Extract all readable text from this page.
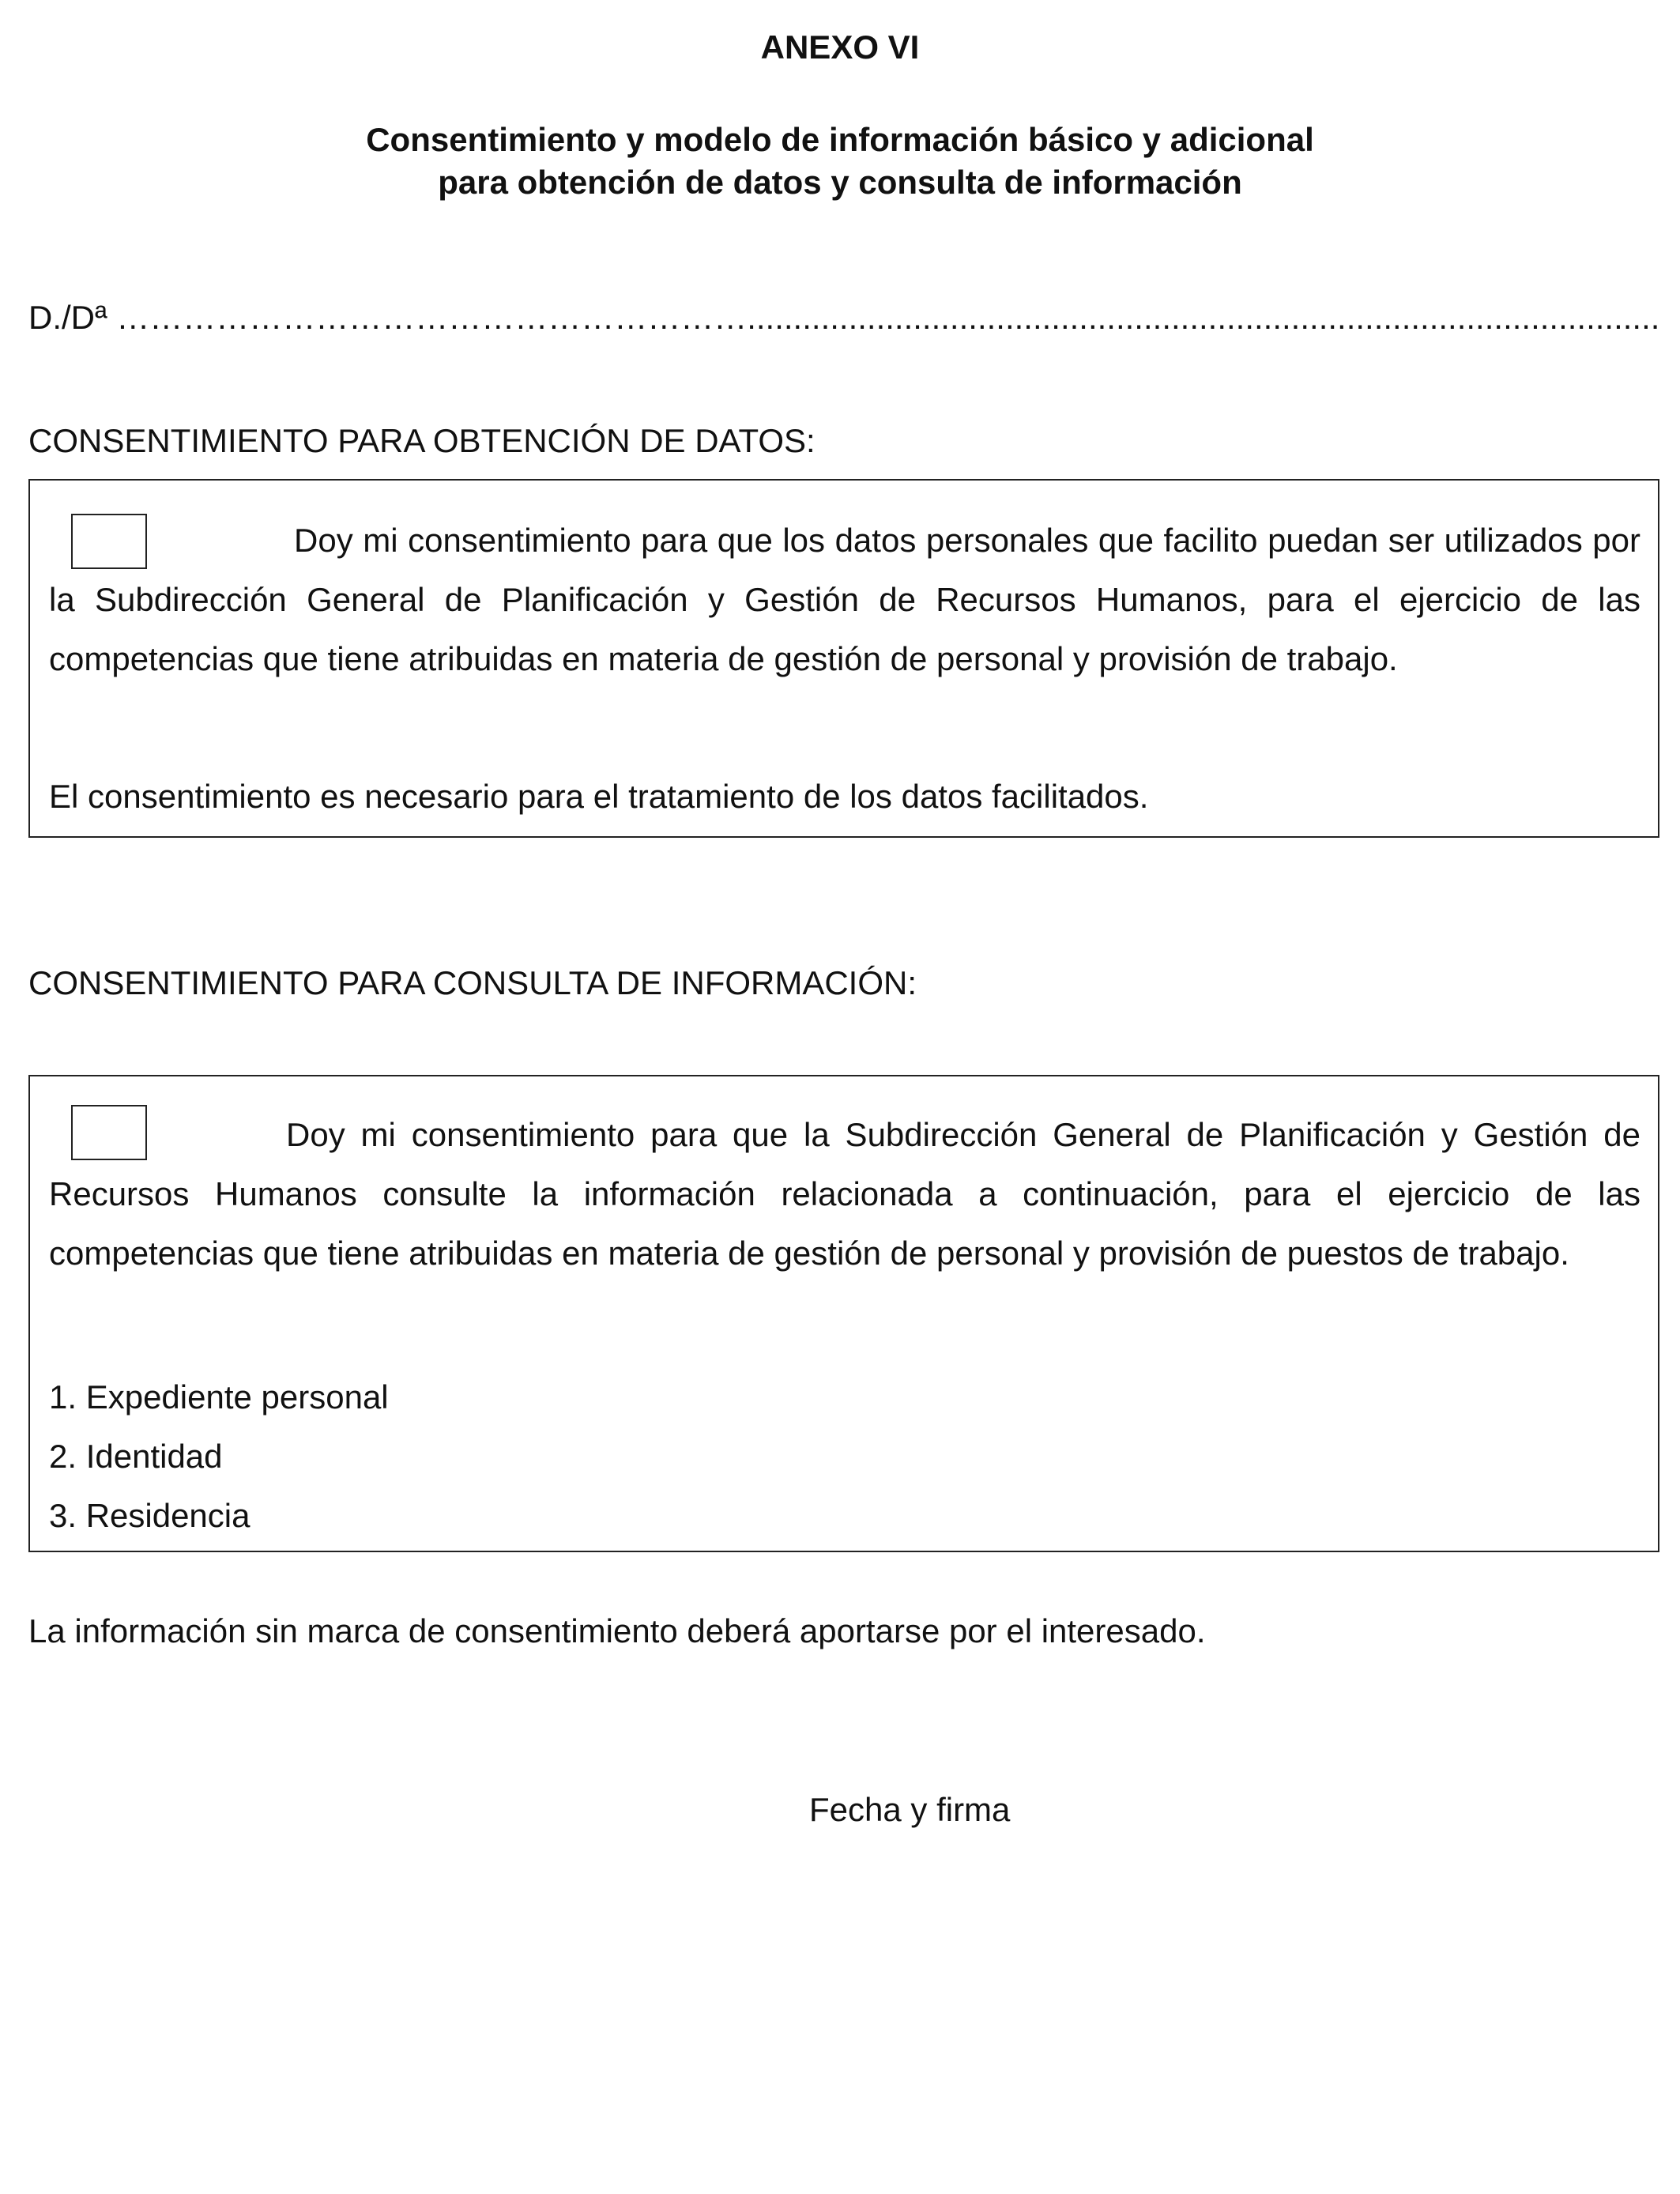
ANEXO VI
Consentimiento y modelo de información básico y adicional
para obtención de datos y consulta de información
D./Dª …………………………………………………...................................................................................................
CONSENTIMIENTO PARA OBTENCIÓN DE DATOS:
Doy mi consentimiento para que los datos personales que facilito puedan ser utilizados por la Subdirección General de Planificación y Gestión de Recursos Humanos, para el ejercicio de las competencias que tiene atribuidas en materia de gestión de personal y provisión de trabajo.
El consentimiento es necesario para el tratamiento de los datos facilitados.
CONSENTIMIENTO PARA CONSULTA DE INFORMACIÓN:
Doy mi consentimiento para que la Subdirección General de Planificación y Gestión de Recursos Humanos consulte la información relacionada a continuación, para el ejercicio de las competencias que tiene atribuidas en materia de gestión de personal y provisión de puestos de trabajo.
1. Expediente personal
2. Identidad
3. Residencia
La información sin marca de consentimiento deberá aportarse por el interesado.
Fecha y firma
